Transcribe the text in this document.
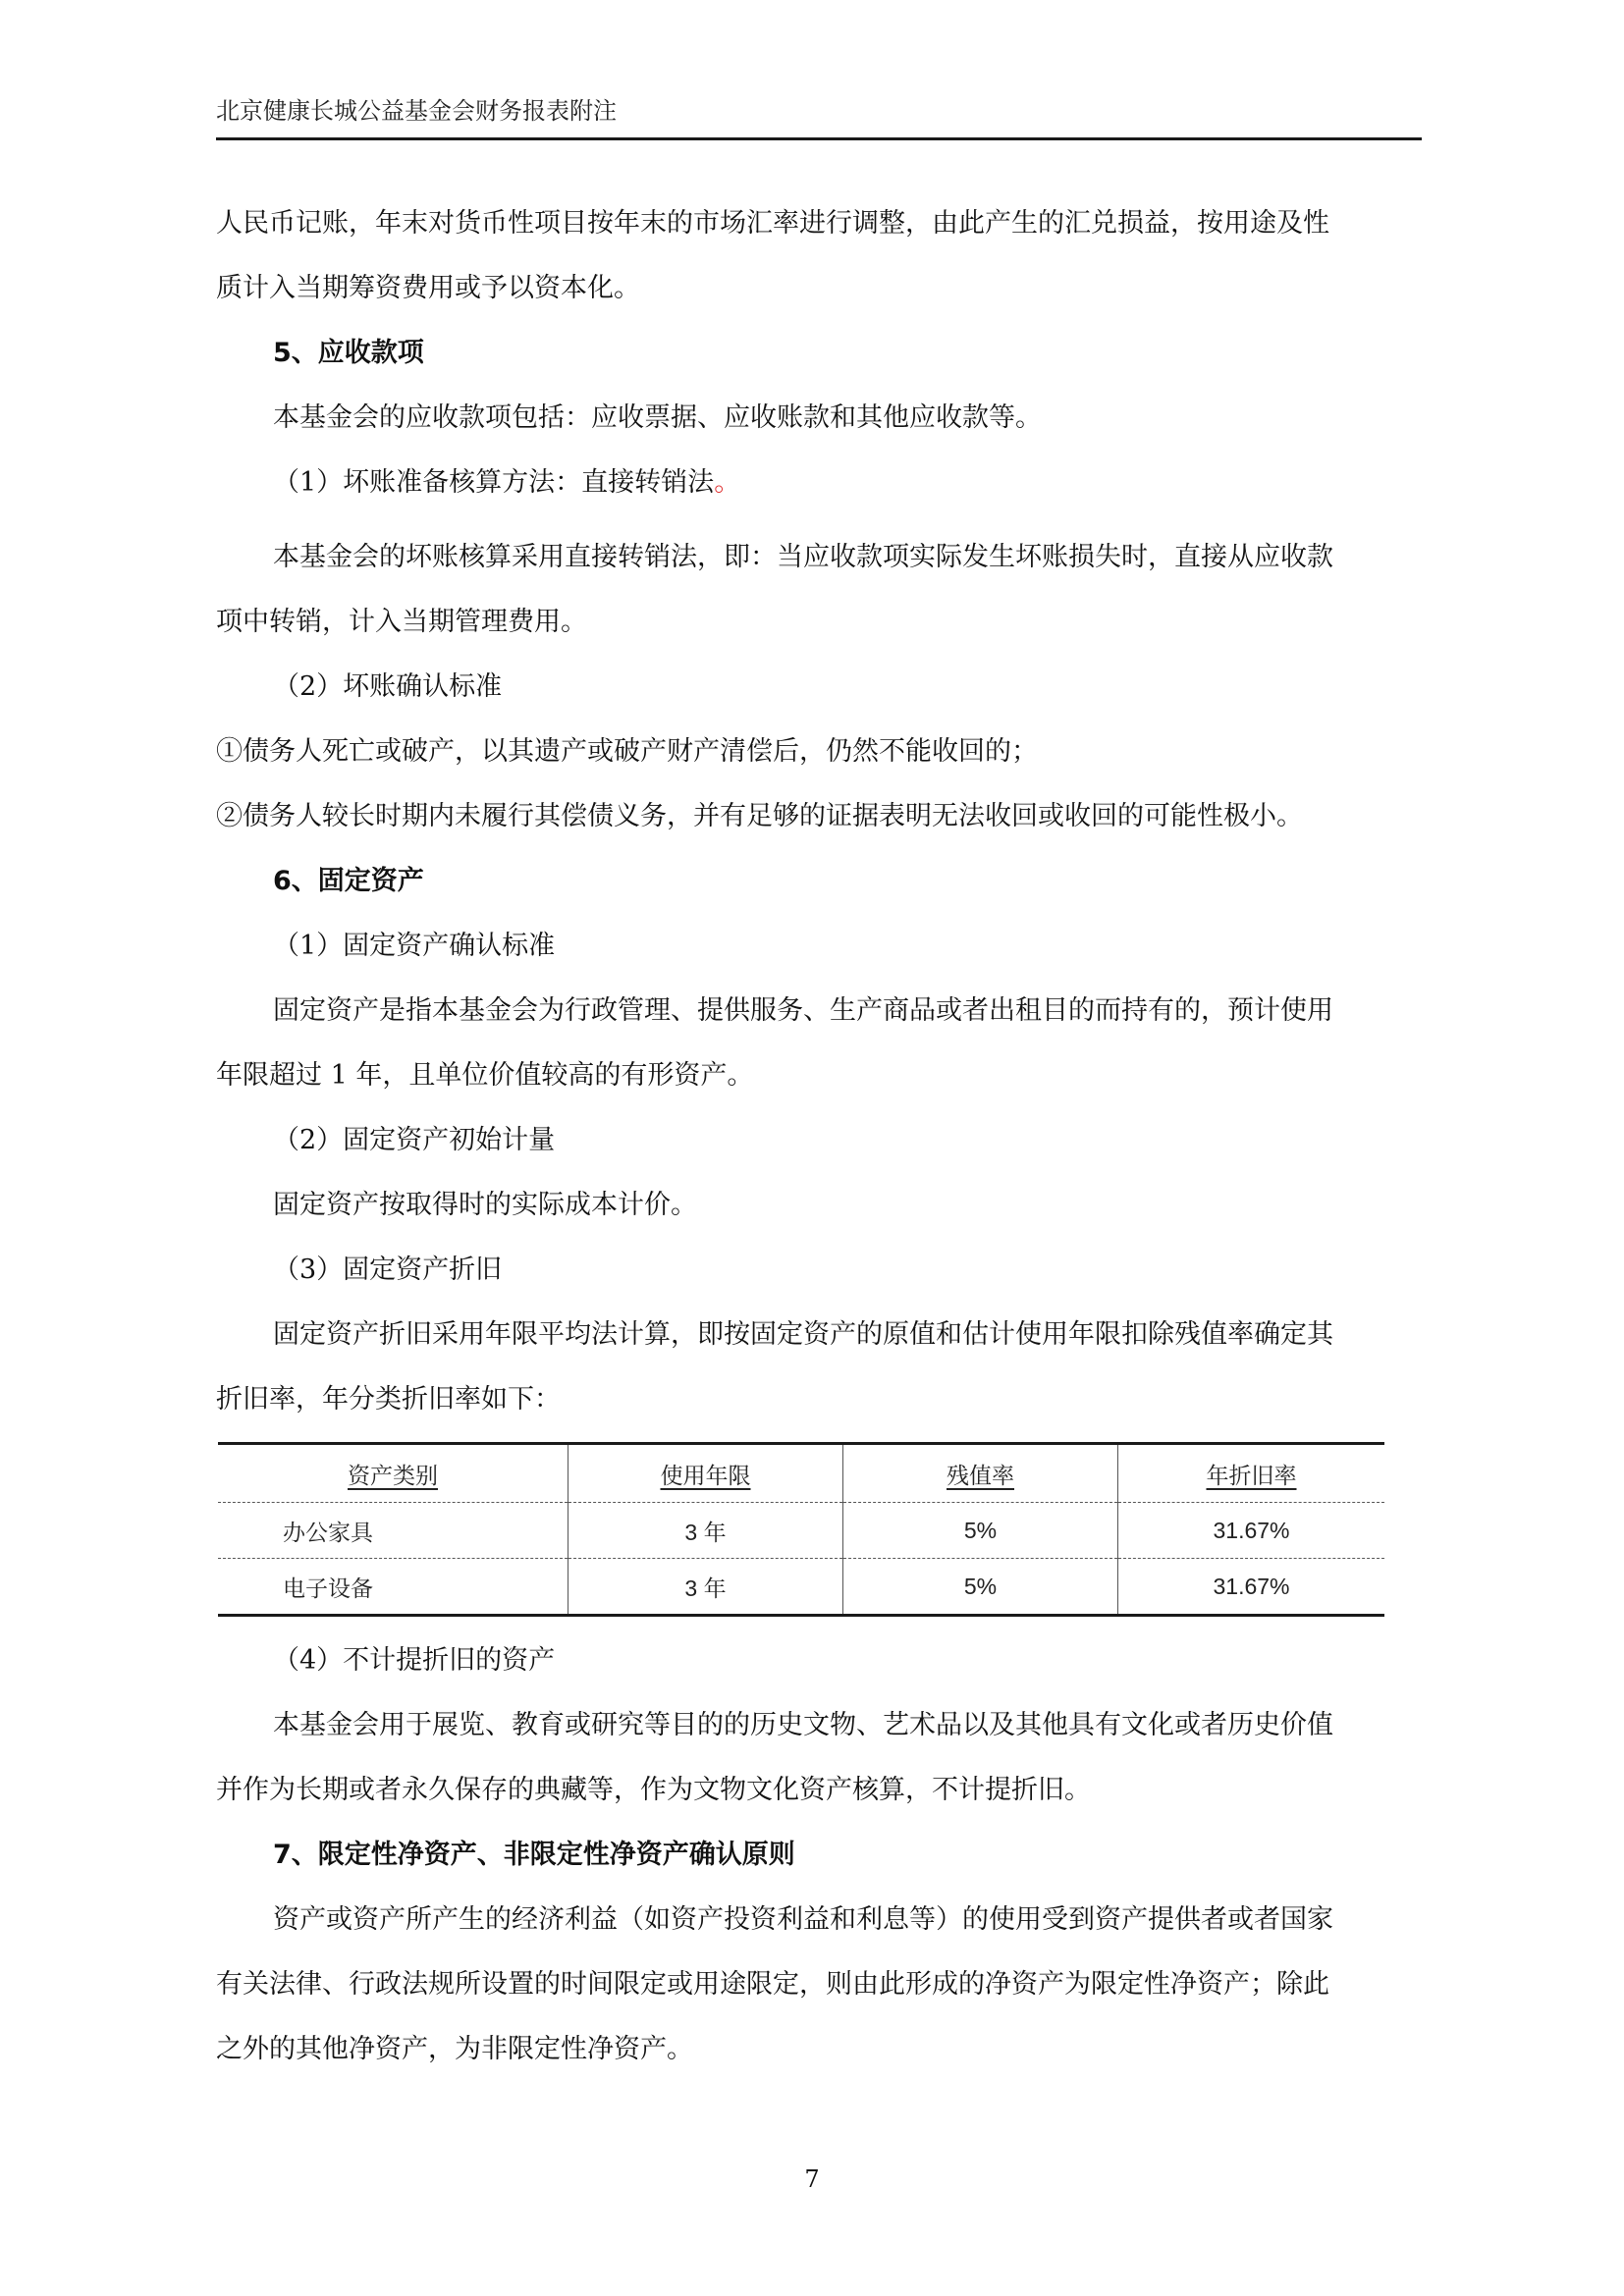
北京健康长城公益基金会财务报表附注

人民币记账，年末对货币性项目按年末的市场汇率进行调整，由此产生的汇兑损益，按用途及性

质计入当期筹资费用或予以资本化。

5、应收款项

本基金会的应收款项包括：应收票据、应收账款和其他应收款等。

（1）坏账准备核算方法：直接转销法。

本基金会的坏账核算采用直接转销法，即：当应收款项实际发生坏账损失时，直接从应收款

项中转销，计入当期管理费用。

（2）坏账确认标准

①债务人死亡或破产，以其遗产或破产财产清偿后，仍然不能收回的；

②债务人较长时期内未履行其偿债义务，并有足够的证据表明无法收回或收回的可能性极小。

6、固定资产

（1）固定资产确认标准

固定资产是指本基金会为行政管理、提供服务、生产商品或者出租目的而持有的，预计使用

年限超过 1 年，且单位价值较高的有形资产。

（2）固定资产初始计量

固定资产按取得时的实际成本计价。

（3）固定资产折旧

固定资产折旧采用年限平均法计算，即按固定资产的原值和估计使用年限扣除残值率确定其

折旧率，年分类折旧率如下：

资产类别	使用年限	残值率	年折旧率
办公家具	3 年	5%	31.67%
电子设备	3 年	5%	31.67%

（4）不计提折旧的资产

本基金会用于展览、教育或研究等目的的历史文物、艺术品以及其他具有文化或者历史价值

并作为长期或者永久保存的典藏等，作为文物文化资产核算，不计提折旧。

7、限定性净资产、非限定性净资产确认原则

资产或资产所产生的经济利益（如资产投资利益和利息等）的使用受到资产提供者或者国家

有关法律、行政法规所设置的时间限定或用途限定，则由此形成的净资产为限定性净资产；除此

之外的其他净资产，为非限定性净资产。

7
